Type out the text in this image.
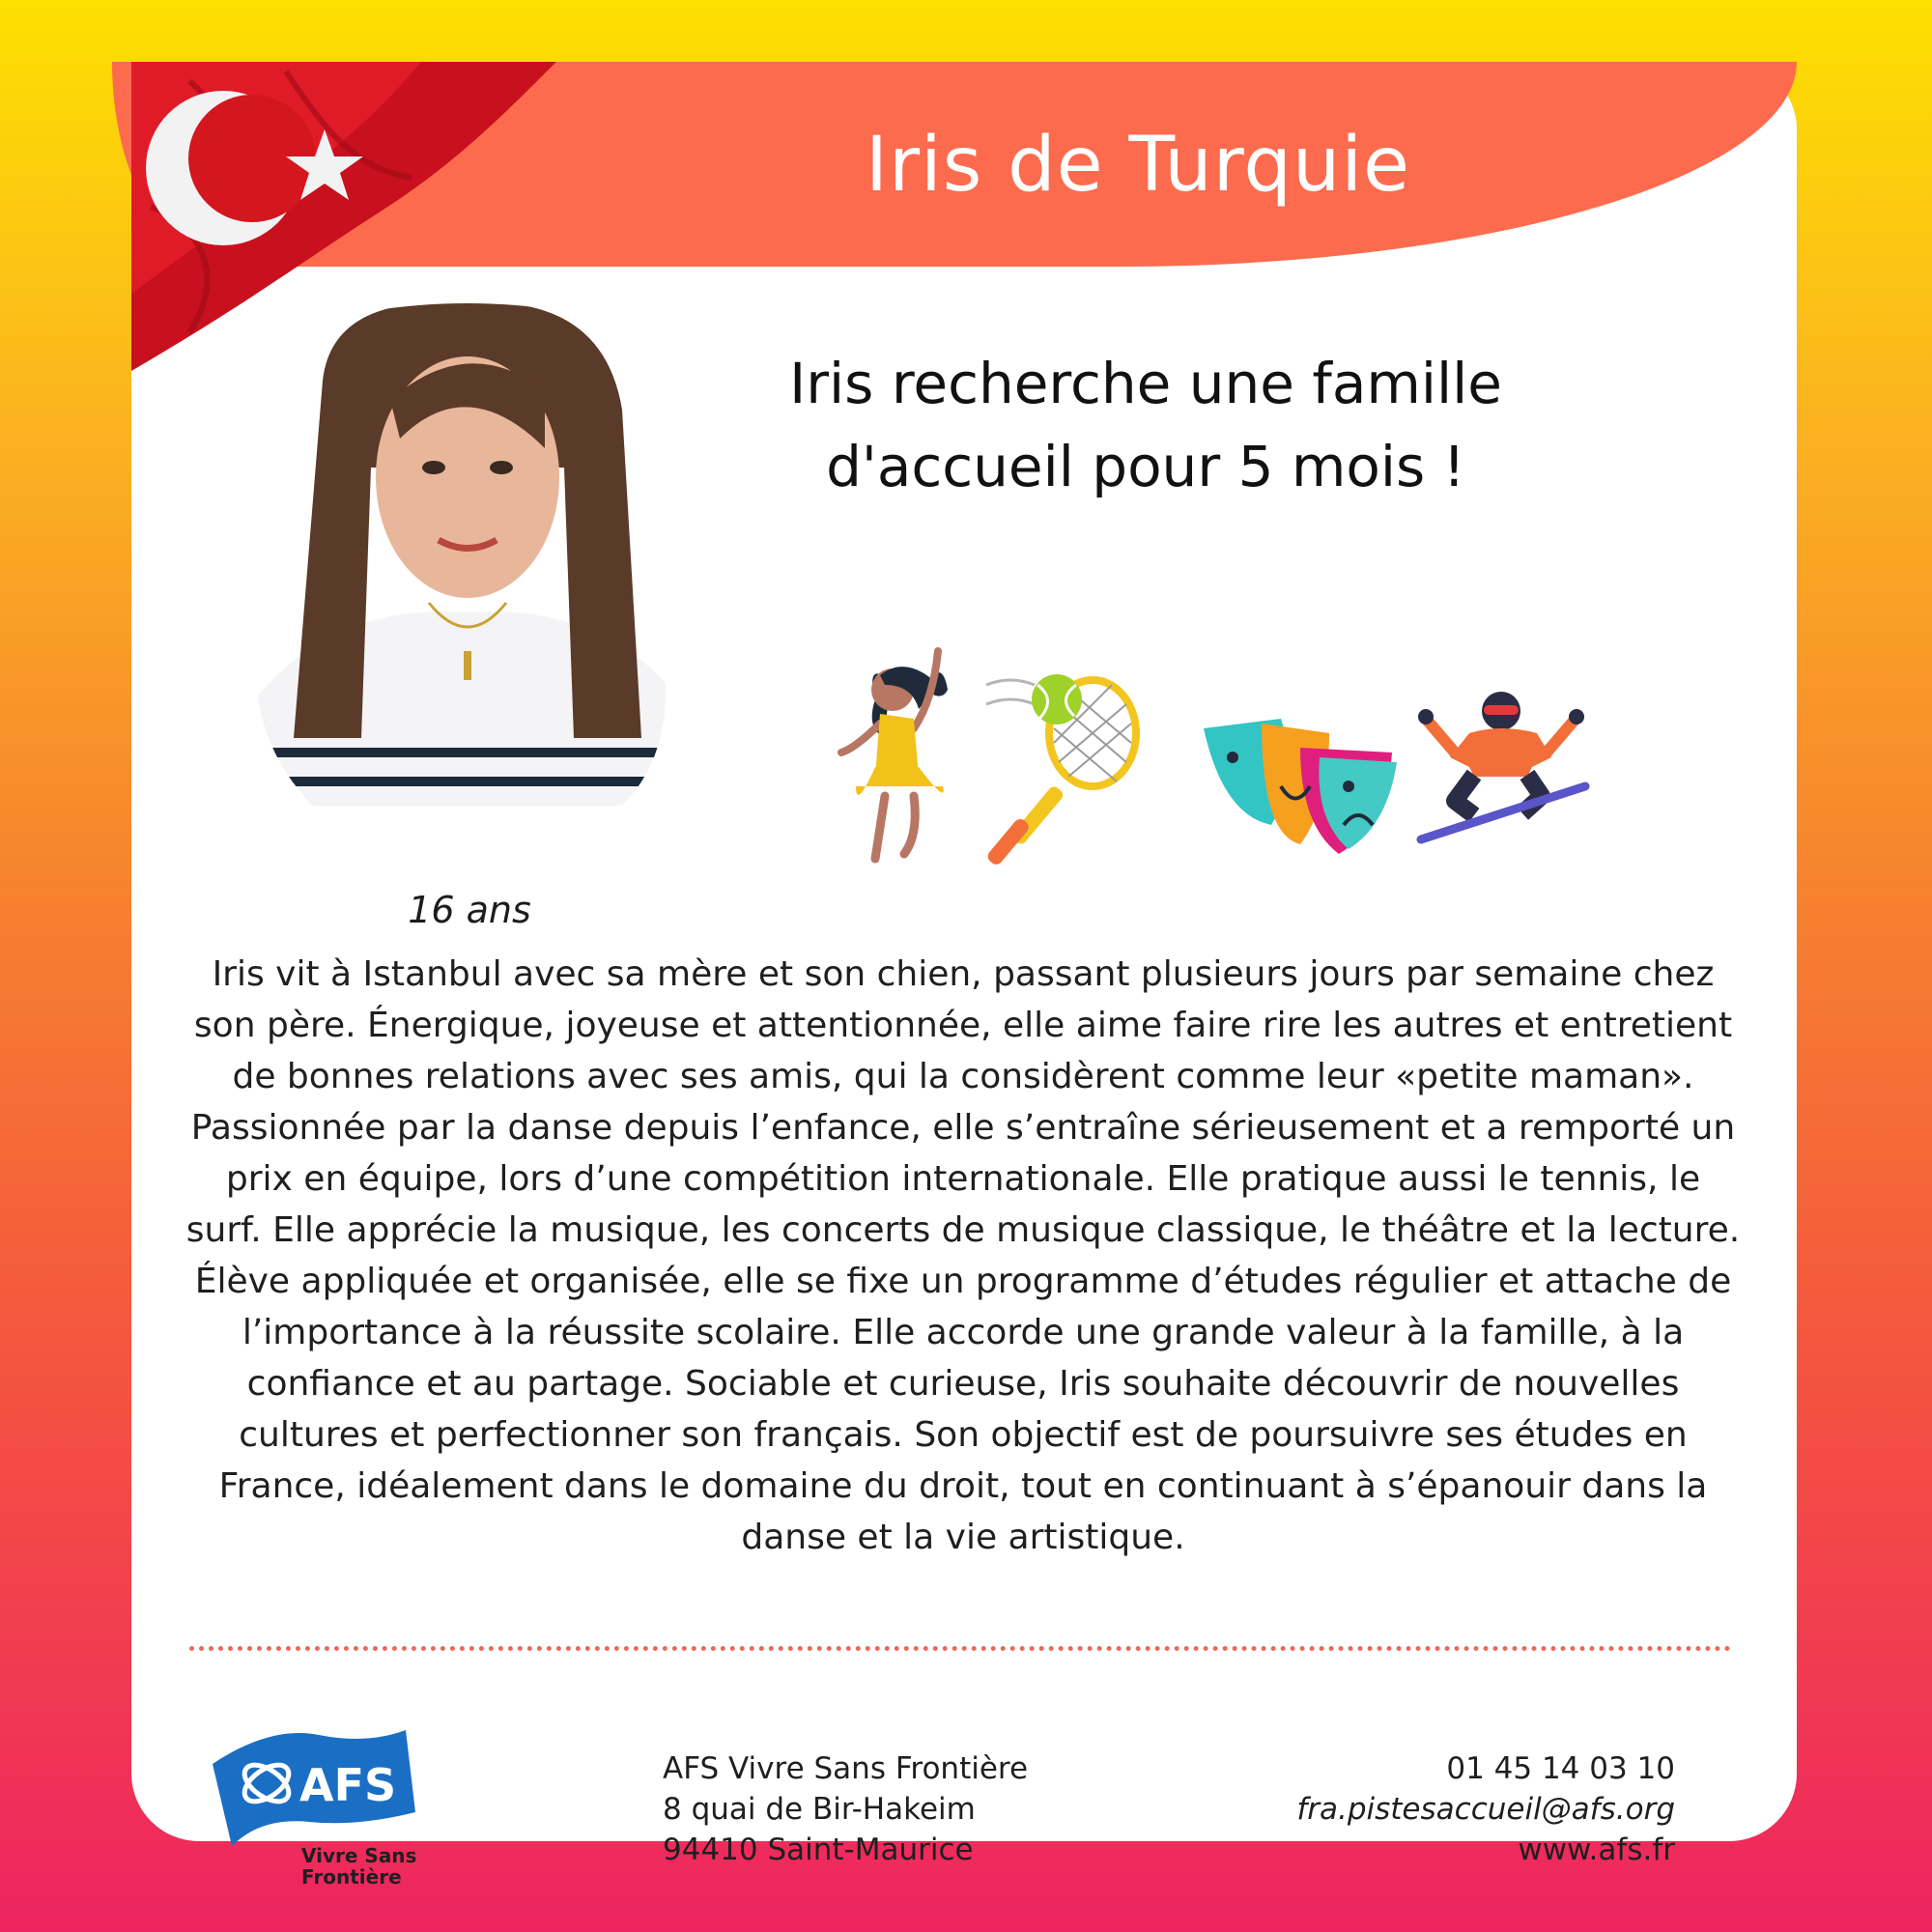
Iris de Turquie
16 ans
Iris recherche une famille
d'accueil pour 5 mois !
Iris vit à Istanbul avec sa mère et son chien, passant plusieurs jours par semaine chez son père. Énergique, joyeuse et attentionnée, elle aime faire rire les autres et entretient de bonnes relations avec ses amis, qui la considèrent comme leur «petite maman». Passionnée par la danse depuis l’enfance, elle s’entraîne sérieusement et a remporté un prix en équipe, lors d’une compétition internationale. Elle pratique aussi le tennis, le surf. Elle apprécie la musique, les concerts de musique classique, le théâtre et la lecture. Élève appliquée et organisée, elle se fixe un programme d’études régulier et attache de l’importance à la réussite scolaire. Elle accorde une grande valeur à la famille, à la confiance et au partage. Sociable et curieuse, Iris souhaite découvrir de nouvelles cultures et perfectionner son français. Son objectif est de poursuivre ses études en France, idéalement dans le domaine du droit, tout en continuant à s’épanouir dans la danse et la vie artistique.
AFS
Vivre Sans
Frontière
AFS Vivre Sans Frontière
8 quai de Bir-Hakeim
94410 Saint-Maurice
01 45 14 03 10
fra.pistesaccueil@afs.org
www.afs.fr
